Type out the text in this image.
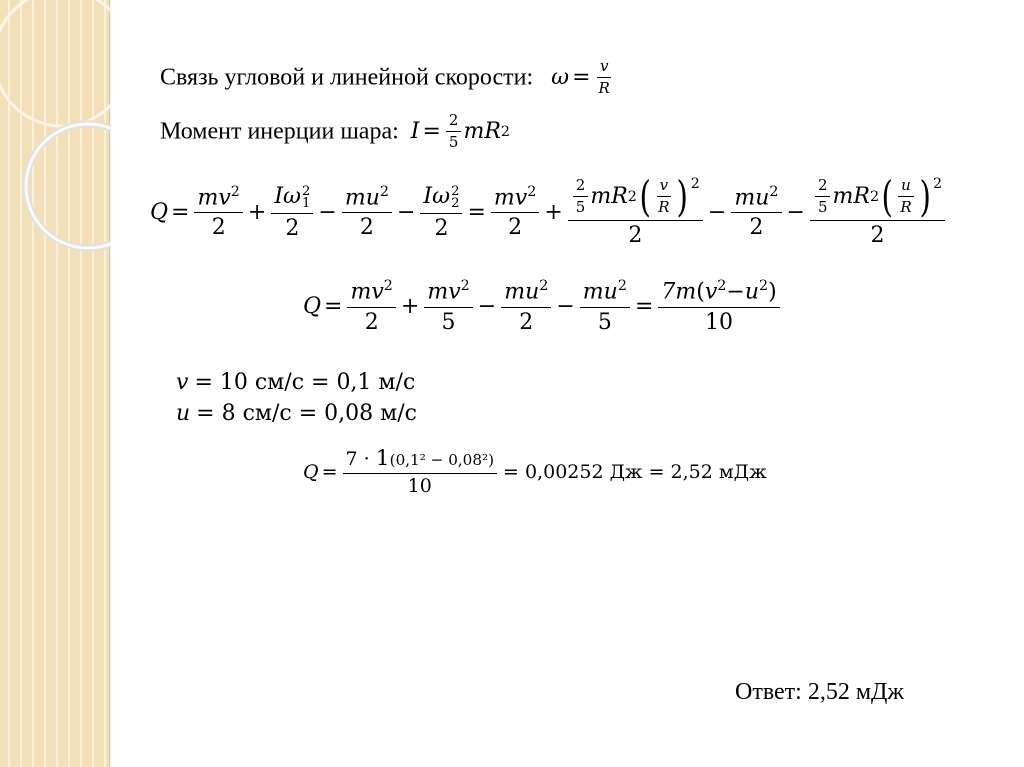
Связь угловой и линейной скорости: $\omega = \frac{v}{R}$
Момент инерции шара: $I = \frac{2}{5}$ m R 2
$Q = \frac{mv^2}{2} + I\omega$ 2
1
$2 - \frac{mu^2}{2} - I\omega$ 2
2
$2 = \frac{mv^2}{2} + \frac{\frac{2}{5} m R 2 ( \frac{v}{R} )^2}{2} - \frac{mu^2}{2} - \frac{\frac{2}{5} m R 2 ( \frac{u}{R} )^2}{2}$
$Q = \frac{mv^2}{2} + \frac{mv^2}{5} - \frac{mu^2}{2} - \frac{mu^2}{5} = \frac{7m(v^2-u^2)}{10}$
v = 10 см/с = 0,1 м/с
u = 8 см/с = 0,08 м/с
$Q = \frac{\text{7 · 1(0,1² − 0,08²)}}{10} = 0,00252$ Дж = 2,52 мДж
Ответ: 2,52 мДж
